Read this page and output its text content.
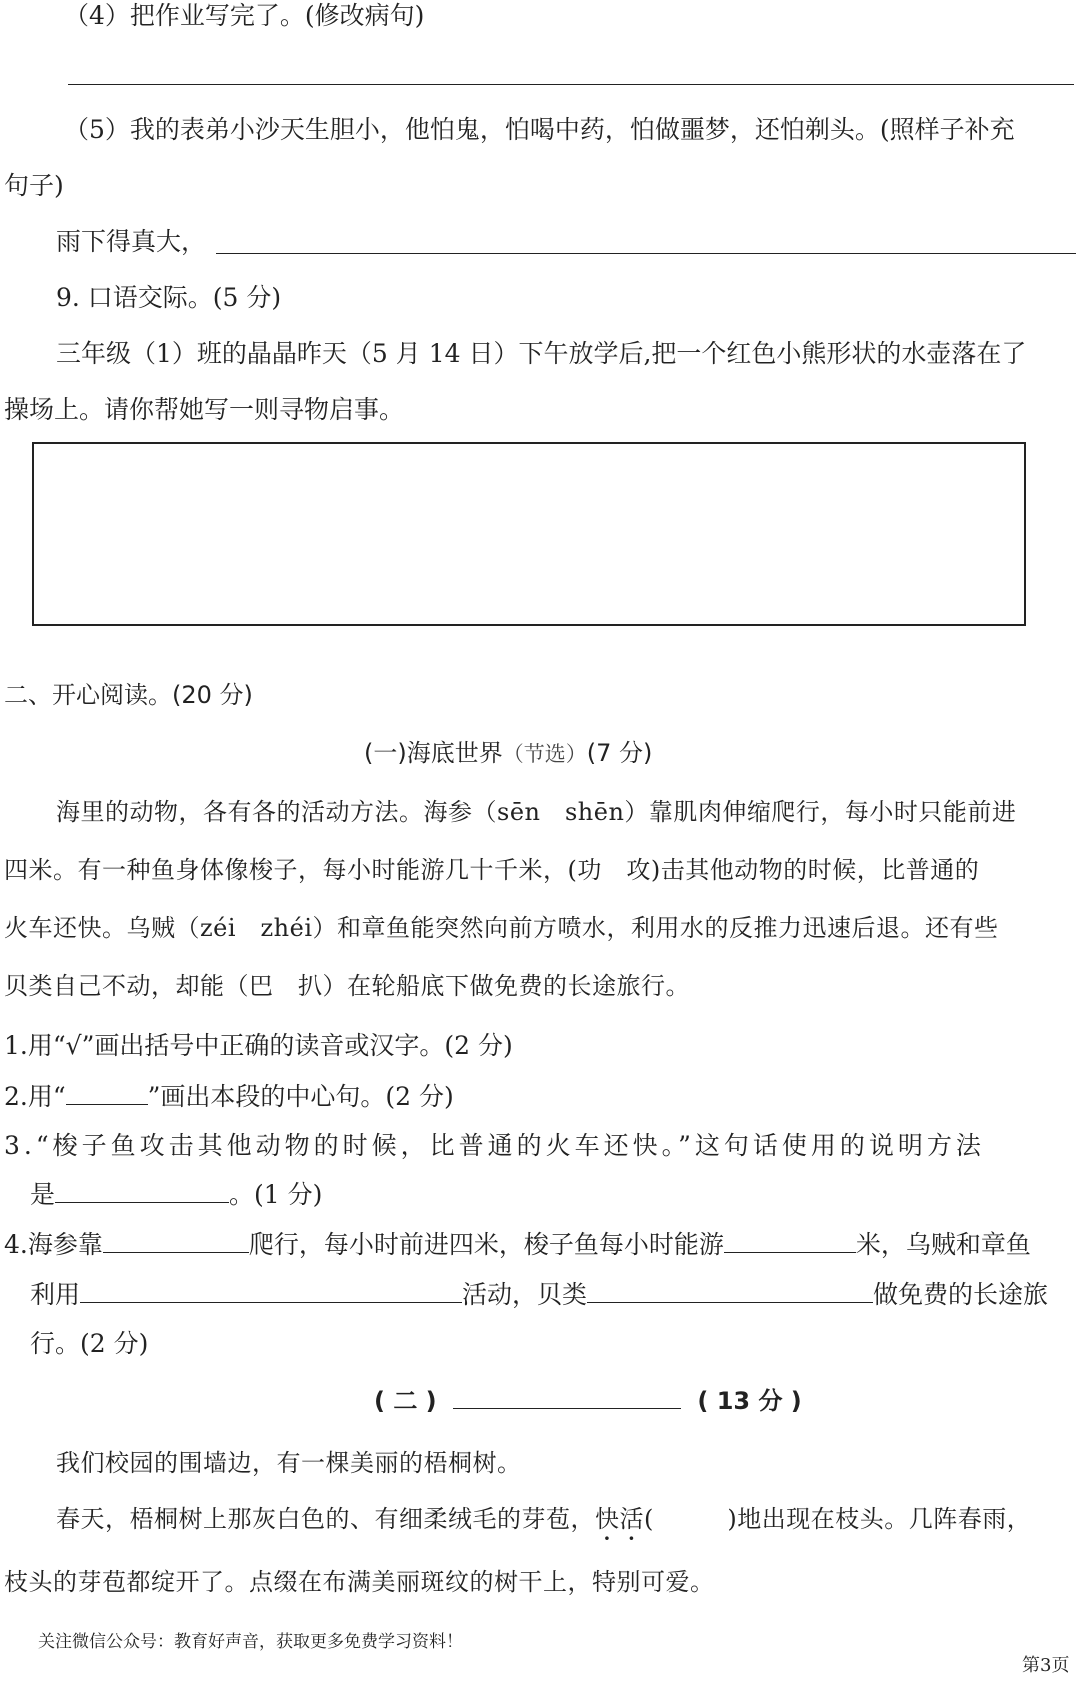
（4）把作业写完了。(修改病句)
（5）我的表弟小沙天生胆小，他怕鬼，怕喝中药，怕做噩梦，还怕剃头。(照样子补充
句子)
雨下得真大，
9. 口语交际。(5 分)
三年级（1）班的晶晶昨天（5 月 14 日）下午放学后,把一个红色小熊形状的水壶落在了
操场上。请你帮她写一则寻物启事。
二、开心阅读。(20 分)
(一)海底世界（节选）(7 分)
海里的动物，各有各的活动方法。海参（sēn　shēn）靠肌肉伸缩爬行，每小时只能前进
四米。有一种鱼身体像梭子，每小时能游几十千米，(功　攻)击其他动物的时候，比普通的
火车还快。乌贼（zéi　zhéi）和章鱼能突然向前方喷水，利用水的反推力迅速后退。还有些
贝类自己不动，却能（巴　扒）在轮船底下做免费的长途旅行。
1.用“√”画出括号中正确的读音或汉字。(2 分)
2.用“	”画出本段的中心句。(2 分)
3.“梭子鱼攻击其他动物的时候，比普通的火车还快。”这句话使用的说明方法
是	。(1 分)
4.海参靠	爬行，每小时前进四米，梭子鱼每小时能游	米，乌贼和章鱼
利用	活动，贝类	做免费的长途旅
行。(2 分)
( 二 )	( 13 分 )
我们校园的围墙边，有一棵美丽的梧桐树。
春天，梧桐树上那灰白色的、有细柔绒毛的芽苞，快活(　　　)地出现在枝头。几阵春雨，
枝头的芽苞都绽开了。点缀在布满美丽斑纹的树干上，特别可爱。
关注微信公众号：教育好声音，获取更多免费学习资料！
第3页
